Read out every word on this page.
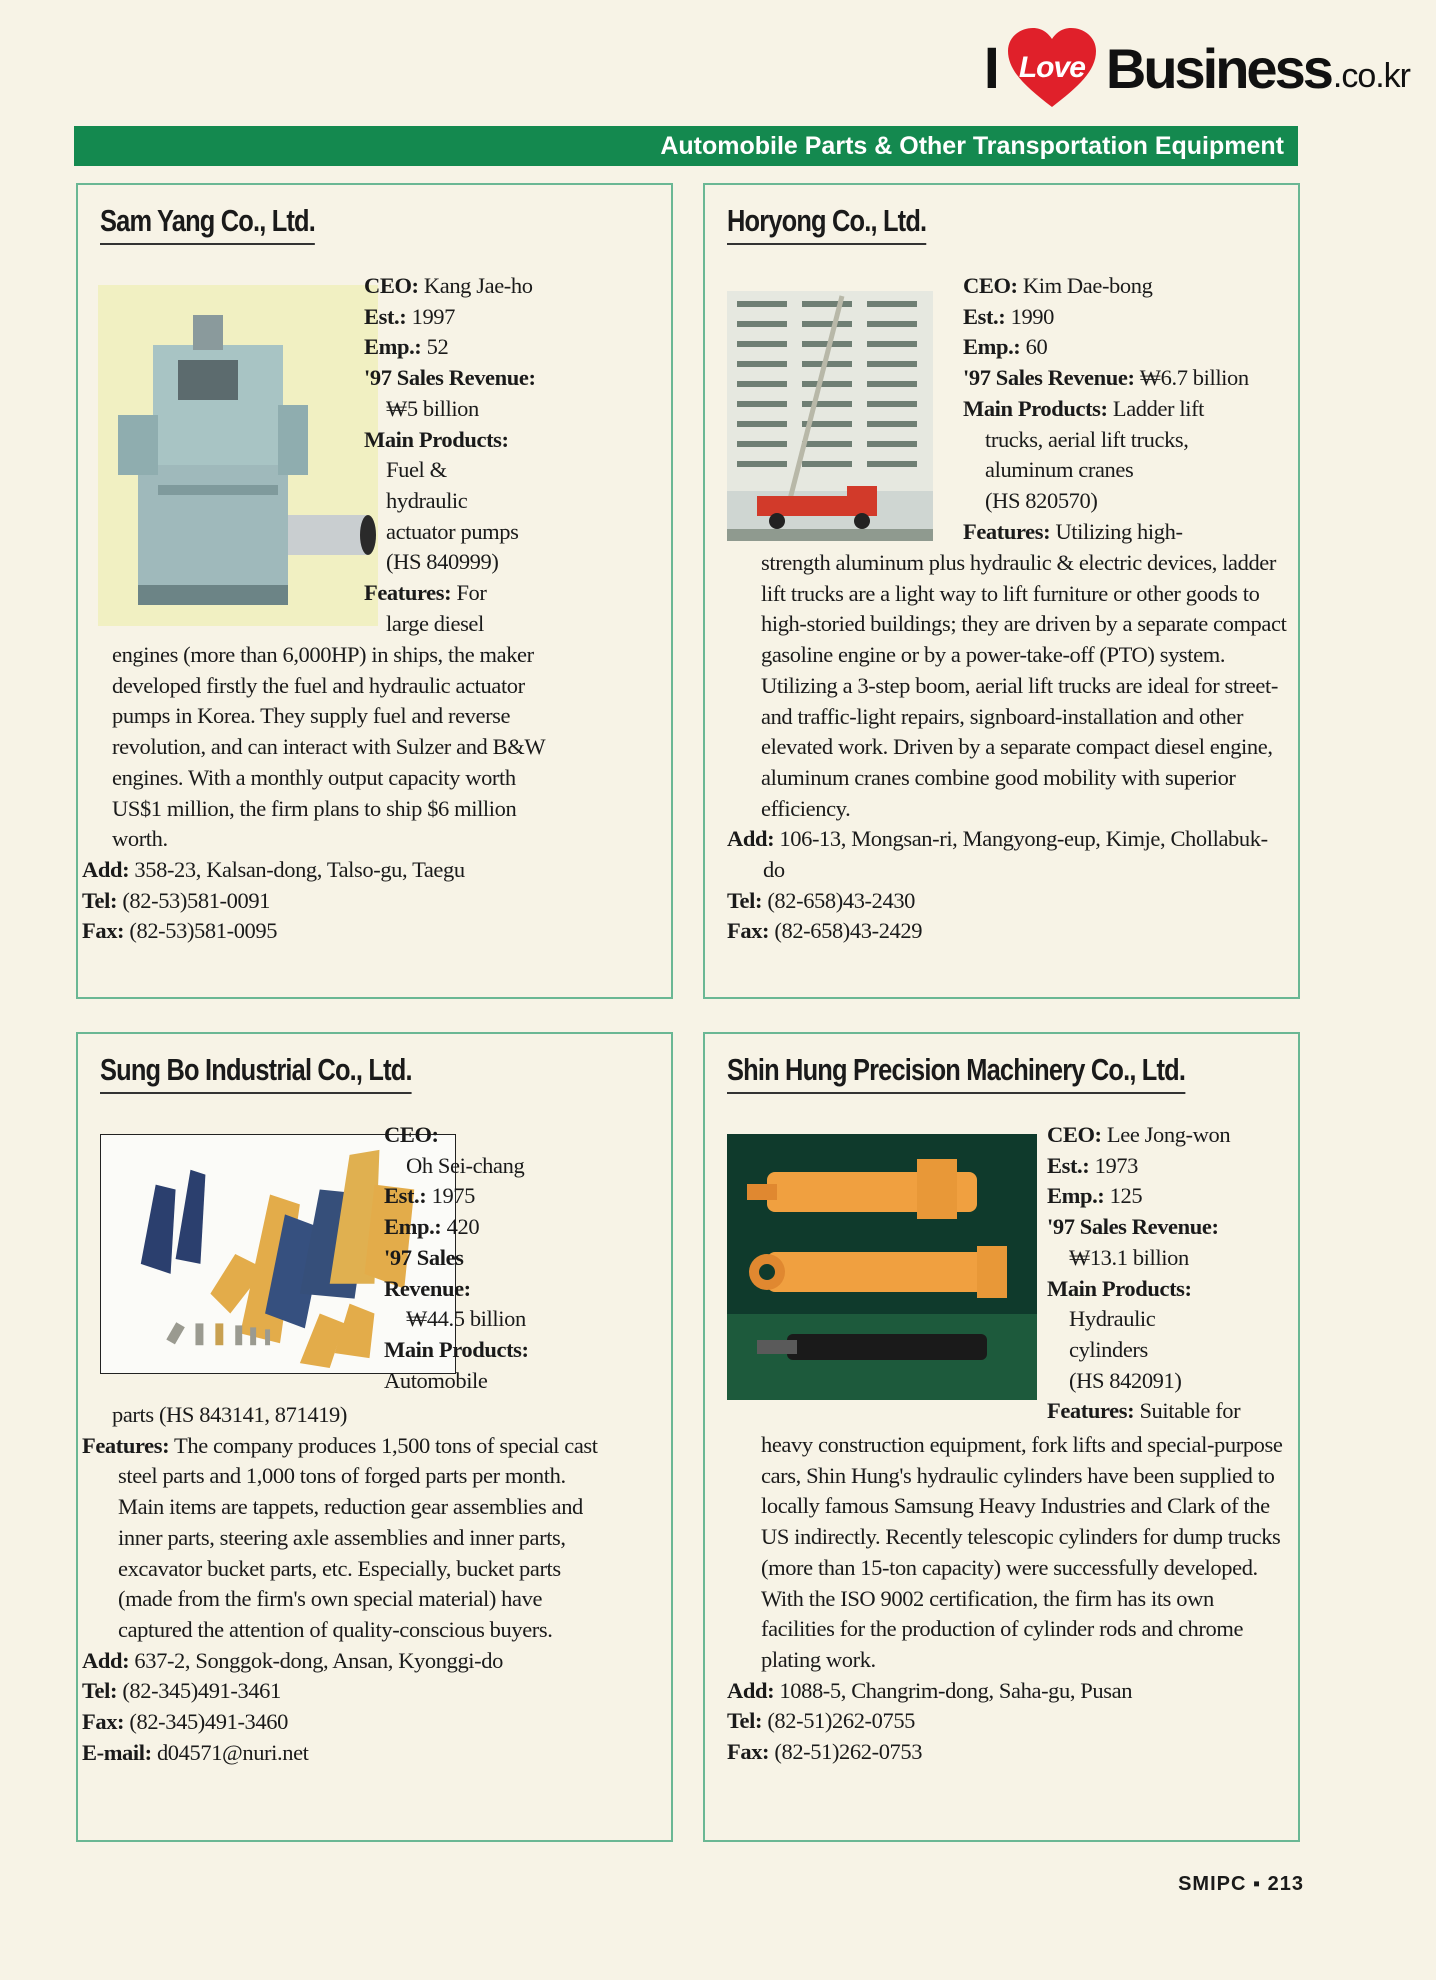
I Love Business .co.kr
Automobile Parts & Other Transportation Equipment
Sam Yang Co., Ltd.
CEO: Kang Jae-ho
Est.: 1997
Emp.: 52
'97 Sales Revenue:
₩5 billion
Main Products:
Fuel &
hydraulic
actuator pumps
(HS 840999)
Features: For
large diesel

engines (more than 6,000HP) in ships, the maker developed firstly the fuel and hydraulic actuator pumps in Korea. They supply fuel and reverse revolution, and can interact with Sulzer and B&W engines. With a monthly output capacity worth US$1 million, the firm plans to ship $6 million worth.

Add: 358-23, Kalsan-dong, Talso-gu, Taegu

Tel: (82-53)581-0091

Fax: (82-53)581-0095

Horyong Co., Ltd.
CEO: Kim Dae-bong
Est.: 1990
Emp.: 60
'97 Sales Revenue: ₩6.7 billion
Main Products: Ladder lift
trucks, aerial lift trucks,
aluminum cranes
(HS 820570)
Features: Utilizing high-

strength aluminum plus hydraulic & electric devices, ladder lift trucks are a light way to lift furniture or other goods to high-storied buildings; they are driven by a separate compact gasoline engine or by a power-take-off (PTO) system. Utilizing a 3-step boom, aerial lift trucks are ideal for street- and traffic-light repairs, signboard-installation and other elevated work. Driven by a separate compact diesel engine, aluminum cranes combine good mobility with superior efficiency.

Add: 106-13, Mongsan-ri, Mangyong-eup, Kimje, Chollabuk-do

Tel: (82-658)43-2430

Fax: (82-658)43-2429

Sung Bo Industrial Co., Ltd.
CEO:
Oh Sei-chang
Est.: 1975
Emp.: 420
'97 Sales
Revenue:
₩44.5 billion
Main Products:
Automobile

parts (HS 843141, 871419)

Features: The company produces 1,500 tons of special cast steel parts and 1,000 tons of forged parts per month. Main items are tappets, reduction gear assemblies and inner parts, steering axle assemblies and inner parts, excavator bucket parts, etc. Especially, bucket parts (made from the firm's own special material) have captured the attention of quality-conscious buyers.

Add: 637-2, Songgok-dong, Ansan, Kyonggi-do

Tel: (82-345)491-3461

Fax: (82-345)491-3460

E-mail: d04571@nuri.net

Shin Hung Precision Machinery Co., Ltd.
CEO: Lee Jong-won
Est.: 1973
Emp.: 125
'97 Sales Revenue:
₩13.1 billion
Main Products:
Hydraulic
cylinders
(HS 842091)
Features: Suitable for

heavy construction equipment, fork lifts and special-purpose cars, Shin Hung's hydraulic cylinders have been supplied to locally famous Samsung Heavy Industries and Clark of the US indirectly. Recently telescopic cylinders for dump trucks (more than 15-ton capacity) were successfully developed. With the ISO 9002 certification, the firm has its own facilities for the production of cylinder rods and chrome plating work.

Add: 1088-5, Changrim-dong, Saha-gu, Pusan

Tel: (82-51)262-0755

Fax: (82-51)262-0753

SMIPC ▪ 213
